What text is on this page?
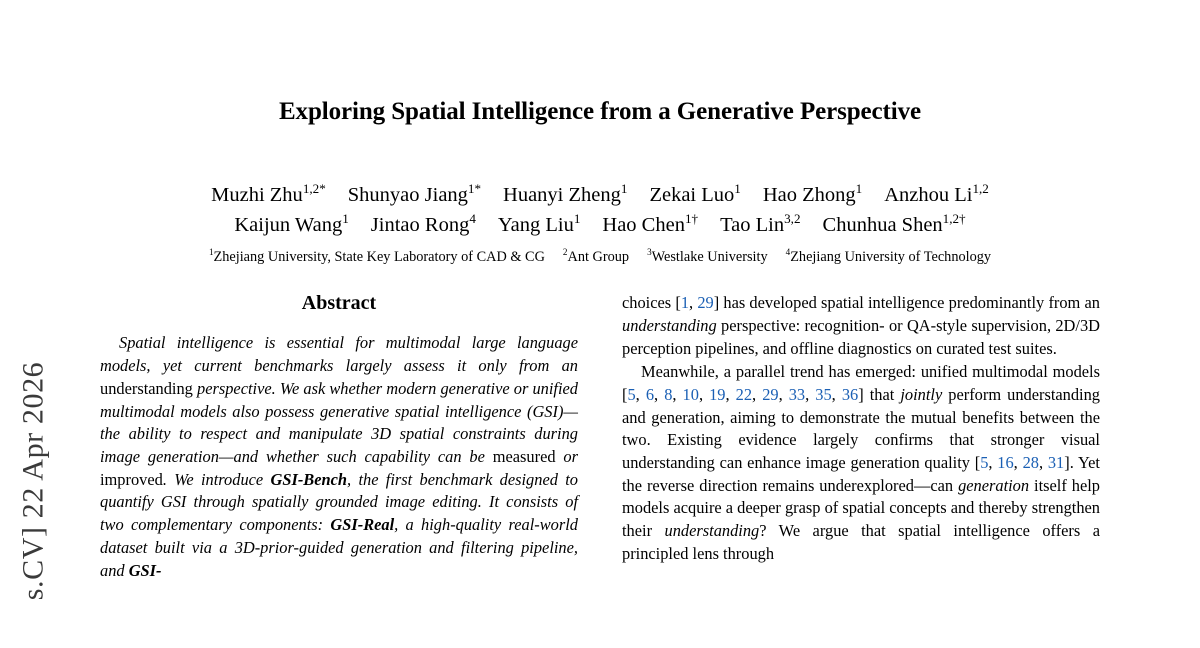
s.CV] 22 Apr 2026
Exploring Spatial Intelligence from a Generative Perspective
Muzhi Zhu$^{1,2*}$ Shunyao Jiang$^{1*}$ Huanyi Zheng$^1$ Zekai Luo$^1$ Hao Zhong$^1$ Anzhou Li$^{1,2}$
Kaijun Wang$^1$ Jintao Rong$^4$ Yang Liu$^1$ Hao Chen$^{1\dagger}$ Tao Lin$^{3,2}$ Chunhua Shen$^{1,2\dagger}$
$^1$Zhejiang University, State Key Laboratory of CAD & CG $^2$Ant Group $^3$Westlake University $^4$Zhejiang University of Technology
Abstract
Spatial intelligence is essential for multimodal large language models, yet current benchmarks largely assess it only from an understanding perspective. We ask whether modern generative or unified multimodal models also possess generative spatial intelligence (GSI)—the ability to respect and manipulate 3D spatial constraints during image generation—and whether such capability can be measured or improved. We introduce GSI-Bench, the first benchmark designed to quantify GSI through spatially grounded image editing. It consists of two complementary components: GSI-Real, a high-quality real-world dataset built via a 3D-prior-guided generation and filtering pipeline, and GSI-
choices [1, 29] has developed spatial intelligence predominantly from an understanding perspective: recognition- or QA-style supervision, 2D/3D perception pipelines, and offline diagnostics on curated test suites.
Meanwhile, a parallel trend has emerged: unified multimodal models [5, 6, 8, 10, 19, 22, 29, 33, 35, 36] that jointly perform understanding and generation, aiming to demonstrate the mutual benefits between the two. Existing evidence largely confirms that stronger visual understanding can enhance image generation quality [5, 16, 28, 31]. Yet the reverse direction remains underexplored—can generation itself help models acquire a deeper grasp of spatial concepts and thereby strengthen their understanding? We argue that spatial intelligence offers a principled lens through
